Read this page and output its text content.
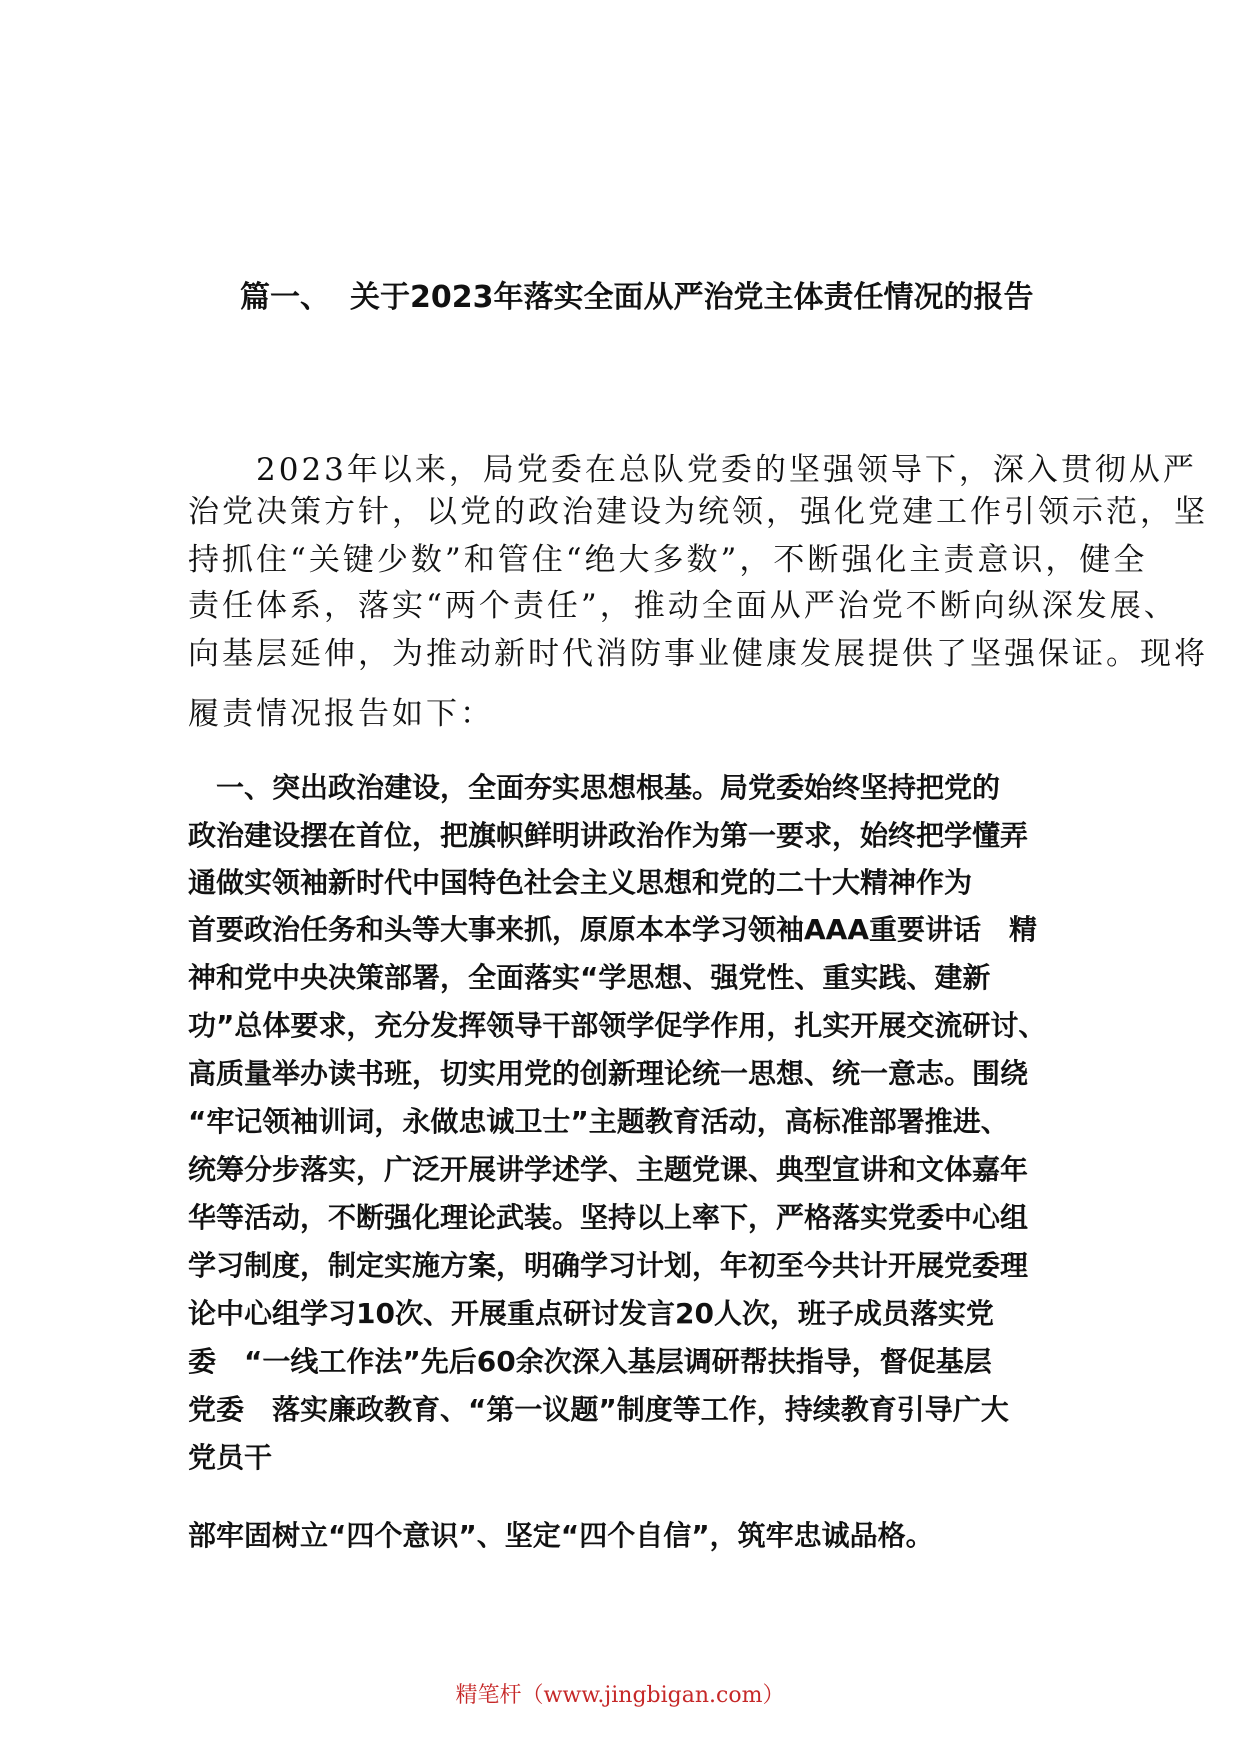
篇一、 关于2023年落实全面从严治党主体责任情况的报告
　　2023年以来，局党委在总队党委的坚强领导下，深入贯彻从严
治党决策方针，以党的政治建设为统领，强化党建工作引领示范，坚
持抓住“关键少数”和管住“绝大多数”，不断强化主责意识，健全
责任体系，落实“两个责任”，推动全面从严治党不断向纵深发展、
向基层延伸，为推动新时代消防事业健康发展提供了坚强保证。现将
履责情况报告如下：
　一、突出政治建设，全面夯实思想根基。局党委始终坚持把党的
政治建设摆在首位，把旗帜鲜明讲政治作为第一要求，始终把学懂弄
通做实领袖新时代中国特色社会主义思想和党的二十大精神作为
首要政治任务和头等大事来抓，原原本本学习领袖AAA重要讲话　精
神和党中央决策部署，全面落实“学思想、强党性、重实践、建新
功”总体要求，充分发挥领导干部领学促学作用，扎实开展交流研讨、
高质量举办读书班，切实用党的创新理论统一思想、统一意志。围绕
“牢记领袖训词，永做忠诚卫士”主题教育活动，高标准部署推进、
统筹分步落实，广泛开展讲学述学、主题党课、典型宣讲和文体嘉年
华等活动，不断强化理论武装。坚持以上率下，严格落实党委中心组
学习制度，制定实施方案，明确学习计划，年初至今共计开展党委理
论中心组学习10次、开展重点研讨发言20人次，班子成员落实党
委　“一线工作法”先后60余次深入基层调研帮扶指导，督促基层
党委　落实廉政教育、“第一议题”制度等工作，持续教育引导广大
党员干
部牢固树立“四个意识”、坚定“四个自信”，筑牢忠诚品格。
精笔杆（www.jingbigan.com）
